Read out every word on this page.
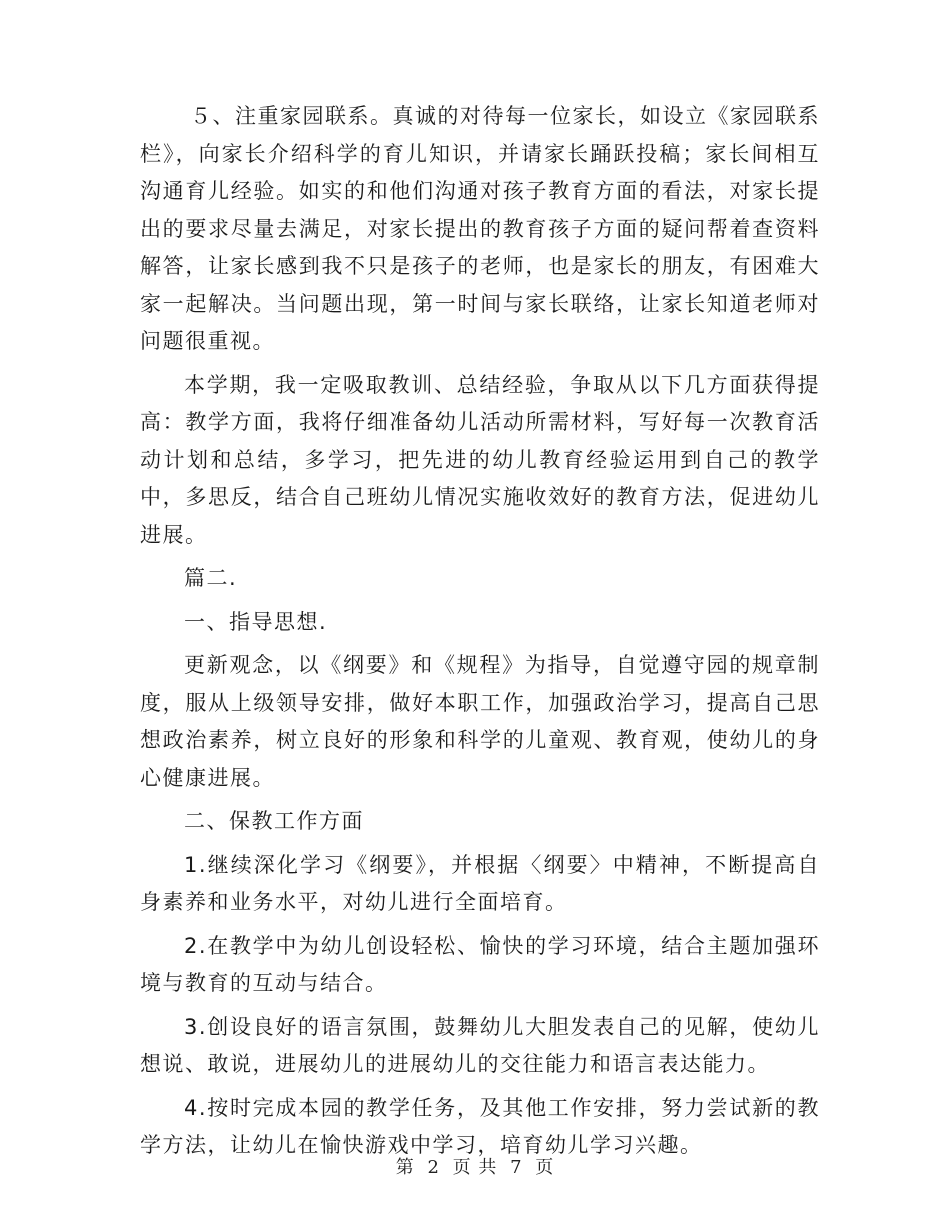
５、注重家园联系。真诚的对待每一位家长，如设立《家园联系栏》，向家长介绍科学的育儿知识，并请家长踊跃投稿；家长间相互沟通育儿经验。如实的和他们沟通对孩子教育方面的看法，对家长提出的要求尽量去满足，对家长提出的教育孩子方面的疑问帮着查资料解答，让家长感到我不只是孩子的老师，也是家长的朋友，有困难大家一起解决。当问题出现，第一时间与家长联络，让家长知道老师对问题很重视。

本学期，我一定吸取教训、总结经验，争取从以下几方面获得提高：教学方面，我将仔细准备幼儿活动所需材料，写好每一次教育活动计划和总结，多学习，把先进的幼儿教育经验运用到自己的教学中，多思反，结合自己班幼儿情况实施收效好的教育方法，促进幼儿进展。

篇二.

一、指导思想.

更新观念，以《纲要》和《规程》为指导，自觉遵守园的规章制度，服从上级领导安排，做好本职工作，加强政治学习，提高自己思想政治素养，树立良好的形象和科学的儿童观、教育观，使幼儿的身心健康进展。

二、保教工作方面

1.继续深化学习《纲要》，并根据〈纲要〉中精神，不断提高自身素养和业务水平，对幼儿进行全面培育。

2.在教学中为幼儿创设轻松、愉快的学习环境，结合主题加强环境与教育的互动与结合。

3.创设良好的语言氛围，鼓舞幼儿大胆发表自己的见解，使幼儿想说、敢说，进展幼儿的进展幼儿的交往能力和语言表达能力。

4.按时完成本园的教学任务，及其他工作安排，努力尝试新的教学方法，让幼儿在愉快游戏中学习，培育幼儿学习兴趣。

第 2 页 共 7 页
